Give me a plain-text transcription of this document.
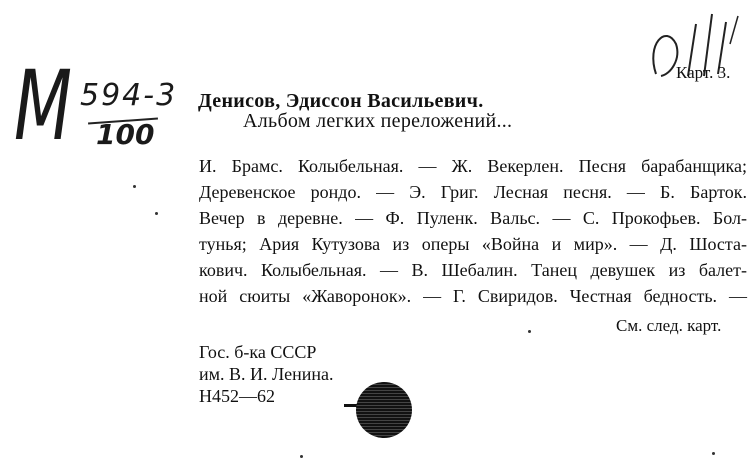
М 594-3
100
Карт. 3.
Денисов, Эдиссон Васильевич.
Альбом легких переложений...
И. Брамс. Колыбельная. — Ж. Векерлен. Песня барабанщика;
Деревенское рондо. — Э. Григ. Лесная песня. — Б. Барток.
Вечер в деревне. — Ф. Пуленк. Вальс. — С. Прокофьев. Бол-
тунья; Ария Кутузова из оперы «Война и мир». — Д. Шоста-
кович. Колыбельная. — В. Шебалин. Танец девушек из балет-
ной сюиты «Жаворонок». — Г. Свиридов. Честная бедность. —
См. след. карт.
Гос. б-ка СССР
им. В. И. Ленина.
Н452—62
